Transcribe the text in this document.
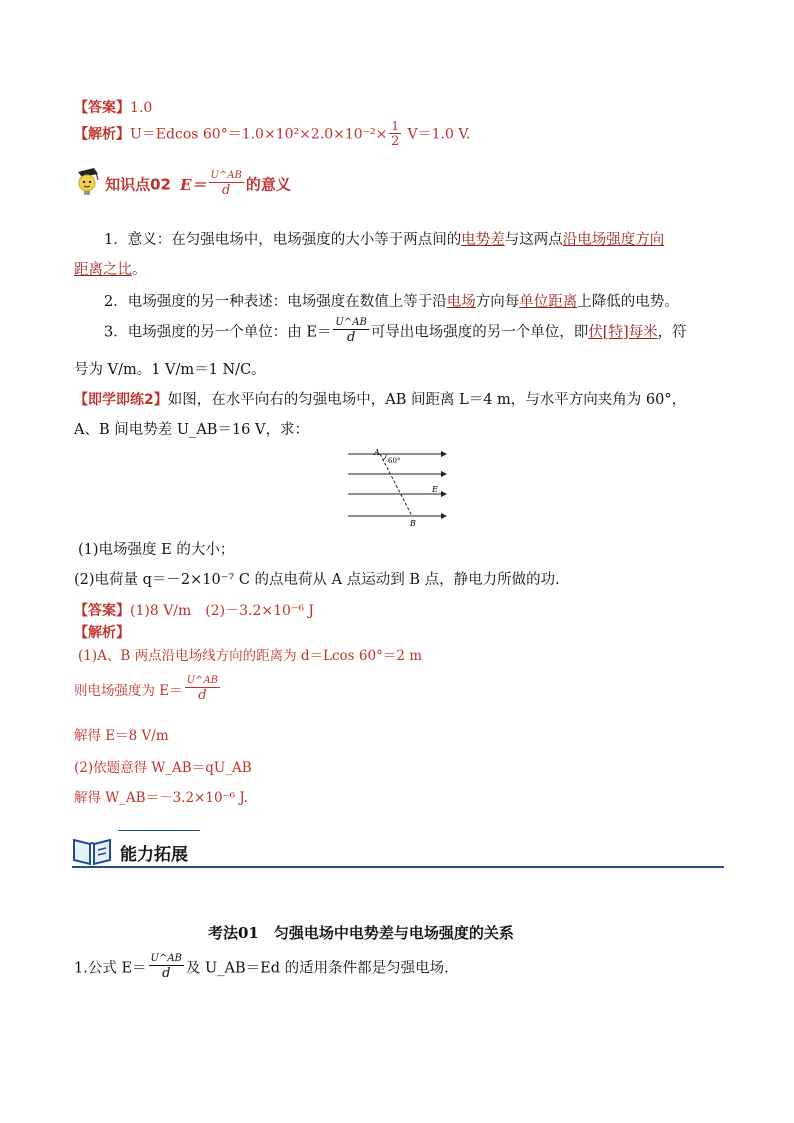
【答案】1.0
【解析】U＝Edcos $60^\circ=1.0\times 10^2\times 2.0\times 10^{-2}\times \frac{1}{2} V=1.0$ V.
知识点02 $E= \frac{U\^{}AB}{d}$ 的意义
1．意义：在匀强电场中，电场强度的大小等于两点间的电势差与这两点沿电场强度方向
距离之比。
2．电场强度的另一种表述：电场强度在数值上等于沿电场方向每单位距离上降低的电势。
3．电场强度的另一个单位：由 $E= \frac{U\^{}AB}{d}$ 可导出电场强度的另一个单位，即伏[特]每米，符
号为 V/m。1 V/m＝1 N/C。
【即学即练2】如图，在水平向右的匀强电场中，AB 间距离 L＝4 m，与水平方向夹角为 60°，
A、B 间电势差 U_AB＝16 V，求：
A
60°
E
B
(1)电场强度 E 的大小；
(2)电荷量 q＝－2×10⁻⁷ C 的点电荷从 A 点运动到 B 点，静电力所做的功.
【答案】(1)8 V/m　(2)－3.2×10⁻⁶ J
【解析】
(1)A、B 两点沿电场线方向的距离为 d＝Lcos 60°＝2 m
则电场强度为 $E= \frac{U\^{}AB}{d}$
解得 E＝8 V/m
(2)依题意得 W_AB＝qU_AB
解得 W_AB＝－3.2×10⁻⁶ J.
能力拓展
考法01　匀强电场中电势差与电场强度的关系
1.公式 $E= \frac{U\^{}AB}{d}$ 及 U_AB＝Ed 的适用条件都是匀强电场.
